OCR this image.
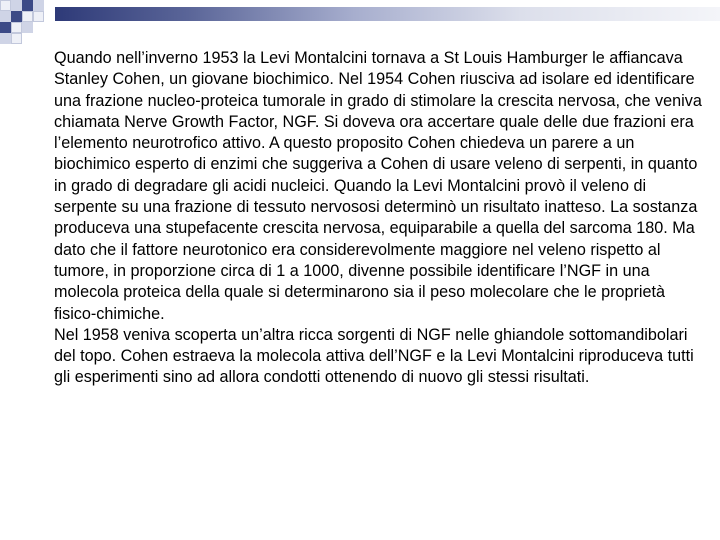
Quando nell’inverno 1953 la Levi Montalcini tornava a St Louis Hamburger le affiancava Stanley Cohen, un giovane biochimico. Nel 1954 Cohen riusciva ad isolare ed identificare una frazione nucleo-proteica tumorale in grado di stimolare la crescita nervosa, che veniva chiamata Nerve Growth Factor, NGF. Si doveva ora accertare quale delle due frazioni era l’elemento neurotrofico attivo. A questo proposito Cohen chiedeva un parere a un biochimico esperto di enzimi che suggeriva a Cohen di usare veleno di serpenti, in quanto in grado di degradare gli acidi nucleici. Quando la Levi Montalcini provò il veleno di serpente su una frazione di tessuto nervososi determinò un risultato inatteso. La sostanza produceva una stupefacente crescita nervosa, equiparabile a quella del sarcoma 180. Ma dato che il fattore neurotonico era considerevolmente maggiore nel veleno rispetto al tumore, in proporzione circa di 1 a 1000, divenne possibile identificare l’NGF in una molecola proteica della quale si determinarono sia il peso molecolare che le proprietà fisico-chimiche.

Nel 1958 veniva scoperta un’altra ricca sorgenti di NGF nelle ghiandole sottomandibolari del topo. Cohen estraeva la molecola attiva dell’NGF e la Levi Montalcini riproduceva tutti gli esperimenti sino ad allora condotti ottenendo di nuovo gli stessi risultati.
